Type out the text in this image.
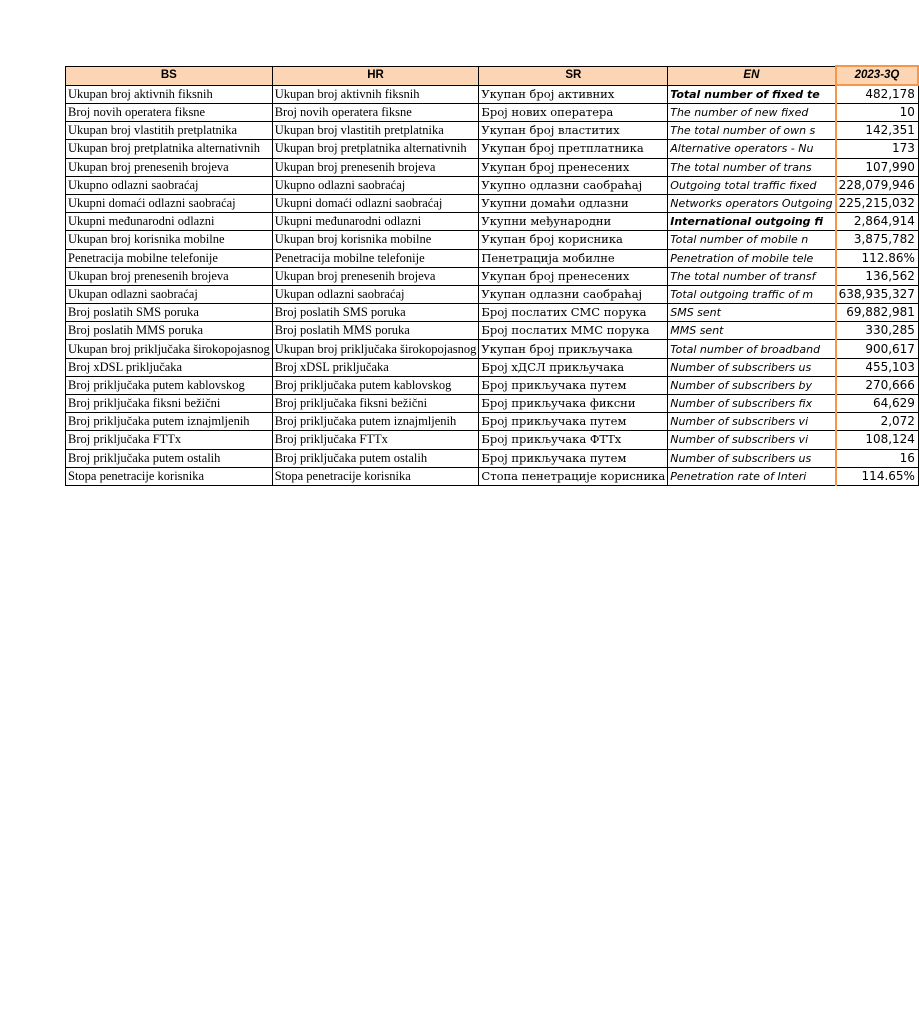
BS	HR	SR	EN	2023-3Q
Ukupan broj aktivnih fiksnih	Ukupan broj aktivnih fiksnih	Укупан број активних	Total number of fixed te	482,178
Broj novih operatera fiksne	Broj novih operatera fiksne	Број нових оператера	The number of new fixed	10
Ukupan broj vlastitih pretplatnika	Ukupan broj vlastitih pretplatnika	Укупан број властитих	The total number of own s	142,351
Ukupan broj pretplatnika alternativnih	Ukupan broj pretplatnika alternativnih	Укупан број претплатника	Alternative operators - Nu	173
Ukupan broj prenesenih brojeva	Ukupan broj prenesenih brojeva	Укупан број пренесених	The total number of trans	107,990
Ukupno odlazni saobraćaj	Ukupno odlazni saobraćaj	Укупно одлазни саобраћај	Outgoing total traffic fixed	228,079,946
Ukupni domaći odlazni saobraćaj	Ukupni domaći odlazni saobraćaj	Укупни домаћи одлазни	Networks operators Outgoing	225,215,032
Ukupni međunarodni odlazni	Ukupni međunarodni odlazni	Укупни међународни	International outgoing fi	2,864,914
Ukupan broj korisnika mobilne	Ukupan broj korisnika mobilne	Укупан број корисника	Total number of mobile n	3,875,782
Penetracija mobilne telefonije	Penetracija mobilne telefonije	Пенетрација мобилне	Penetration of mobile tele	112.86%
Ukupan broj prenesenih brojeva	Ukupan broj prenesenih brojeva	Укупан број пренесених	The total number of transf	136,562
Ukupan odlazni saobraćaj	Ukupan odlazni saobraćaj	Укупан одлазни саобраћај	Total outgoing traffic of m	638,935,327
Broj poslatih SMS poruka	Broj poslatih SMS poruka	Број послатих СМС порука	SMS sent	69,882,981
Broj poslatih MMS poruka	Broj poslatih MMS poruka	Број послатих ММС порука	MMS sent	330,285
Ukupan broj priključaka širokopojasnog	Ukupan broj priključaka širokopojasnog	Укупан број прикључака	Total number of broadband	900,617
Broj xDSL priključaka	Broj xDSL priključaka	Број хДСЛ прикључака	Number of subscribers us	455,103
Broj priključaka putem kablovskog	Broj priključaka putem kablovskog	Број прикључака путем	Number of subscribers by	270,666
Broj priključaka fiksni bežični	Broj priključaka fiksni bežični	Број прикључака фиксни	Number of subscribers fix	64,629
Broj priključaka putem iznajmljenih	Broj priključaka putem iznajmljenih	Број прикључака путем	Number of subscribers vi	2,072
Broj priključaka FTTx	Broj priključaka FTTx	Број прикључака ФТТх	Number of subscribers vi	108,124
Broj priključaka putem ostalih	Broj priključaka putem ostalih	Број прикључака путем	Number of subscribers us	16
Stopa penetracije korisnika	Stopa penetracije korisnika	Стопа пенетрације корисника	Penetration rate of Interi	114.65%
